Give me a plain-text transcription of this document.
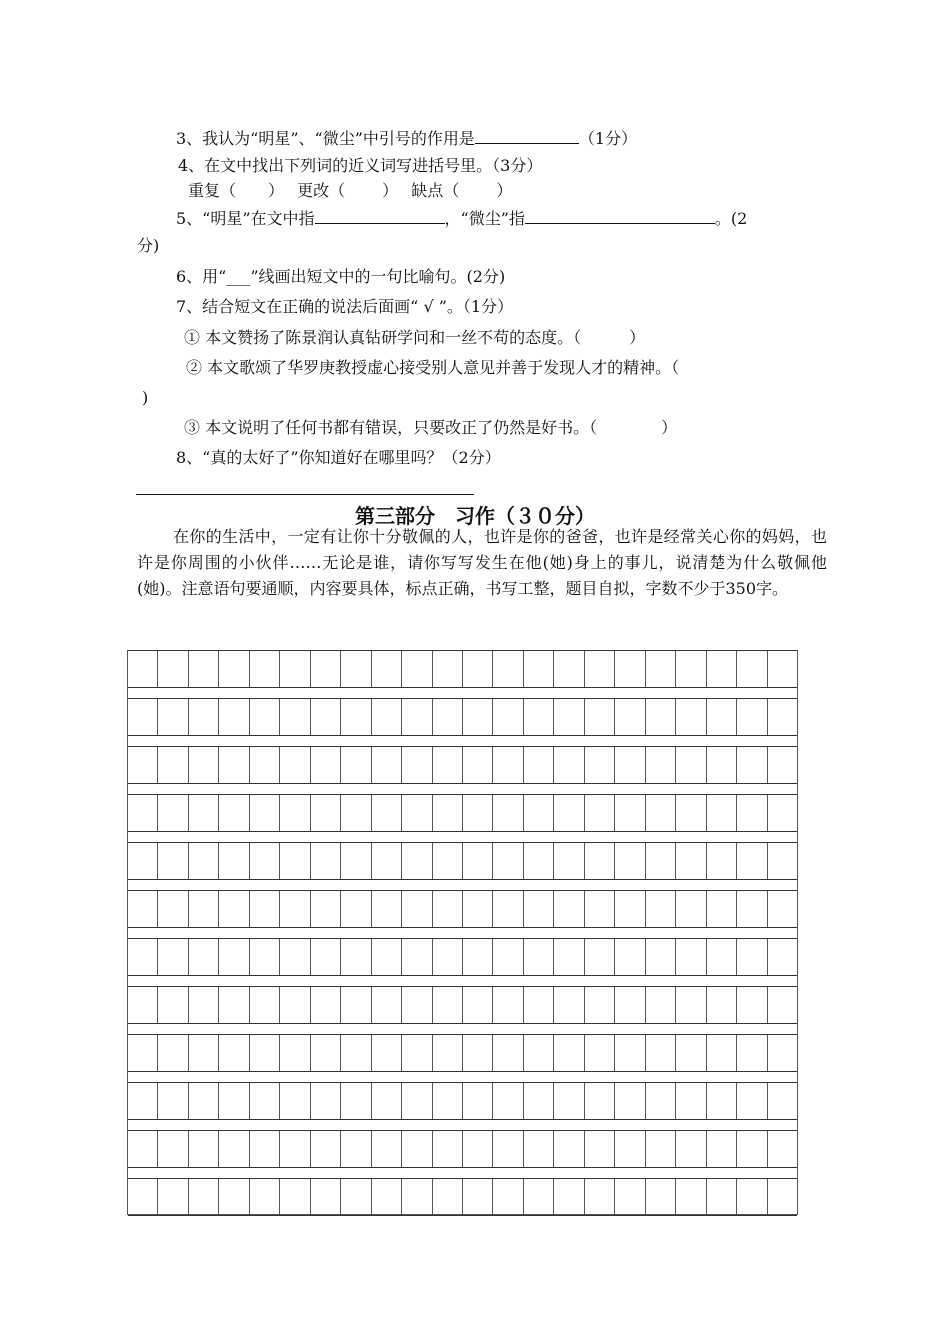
3、我认为“明星”、“微尘”中引号的作用是	（1分）
4、在文中找出下列词的近义词写进括号里。（3分）
重复（　　）　 更改（　　 ）　 缺点（　　 ）
5、“明星”在文中指	，“微尘”指	。(2
分)
6、用“___”线画出短文中的一句比喻句。(2分)
7、结合短文在正确的说法后面画“ √ ”。（1分）
① 本文赞扬了陈景润认真钻研学问和一丝不苟的态度。（　　　）
② 本文歌颂了华罗庚教授虚心接受别人意见并善于发现人才的精神。（
)
③ 本文说明了任何书都有错误，只要改正了仍然是好书。（　　　　）
8、“真的太好了”你知道好在哪里吗？（2分）
第三部分　习作（３０分）
在你的生活中，一定有让你十分敬佩的人，也许是你的爸爸，也许是经常关心你的妈妈，也许是你周围的小伙伴……无论是谁，请你写写发生在他(她)身上的事儿，说清楚为什么敬佩他(她)。注意语句要通顺，内容要具体，标点正确，书写工整，题目自拟，字数不少于350字。
